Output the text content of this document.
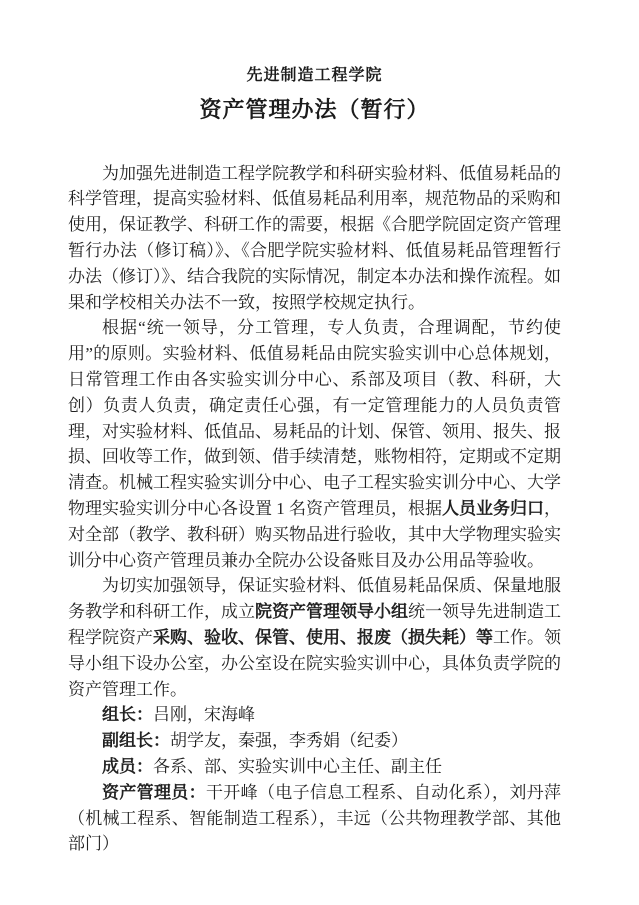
先进制造工程学院
资产管理办法（暂行）

为加强先进制造工程学院教学和科研实验材料、低值易耗品的科学管理，提高实验材料、低值易耗品利用率，规范物品的采购和使用，保证教学、科研工作的需要，根据《合肥学院固定资产管理暂行办法（修订稿）》、《合肥学院实验材料、低值易耗品管理暂行办法（修订）》、结合我院的实际情况，制定本办法和操作流程。如果和学校相关办法不一致，按照学校规定执行。

根据“统一领导，分工管理，专人负责，合理调配，节约使用”的原则。实验材料、低值易耗品由院实验实训中心总体规划，日常管理工作由各实验实训分中心、系部及项目（教、科研，大创）负责人负责，确定责任心强，有一定管理能力的人员负责管理，对实验材料、低值品、易耗品的计划、保管、领用、报失、报损、回收等工作，做到领、借手续清楚，账物相符，定期或不定期清查。机械工程实验实训分中心、电子工程实验实训分中心、大学物理实验实训分中心各设置 1 名资产管理员，根据人员业务归口，对全部（教学、教科研）购买物品进行验收，其中大学物理实验实训分中心资产管理员兼办全院办公设备账目及办公用品等验收。

为切实加强领导，保证实验材料、低值易耗品保质、保量地服务教学和科研工作，成立院资产管理领导小组统一领导先进制造工程学院资产采购、验收、保管、使用、报废（损失耗）等工作。领导小组下设办公室，办公室设在院实验实训中心，具体负责学院的资产管理工作。

组长：吕刚，宋海峰

副组长：胡学友，秦强，李秀娟（纪委）

成员：各系、部、实验实训中心主任、副主任

资产管理员：干开峰（电子信息工程系、自动化系），刘丹萍（机械工程系、智能制造工程系），丰远（公共物理教学部、其他部门）
